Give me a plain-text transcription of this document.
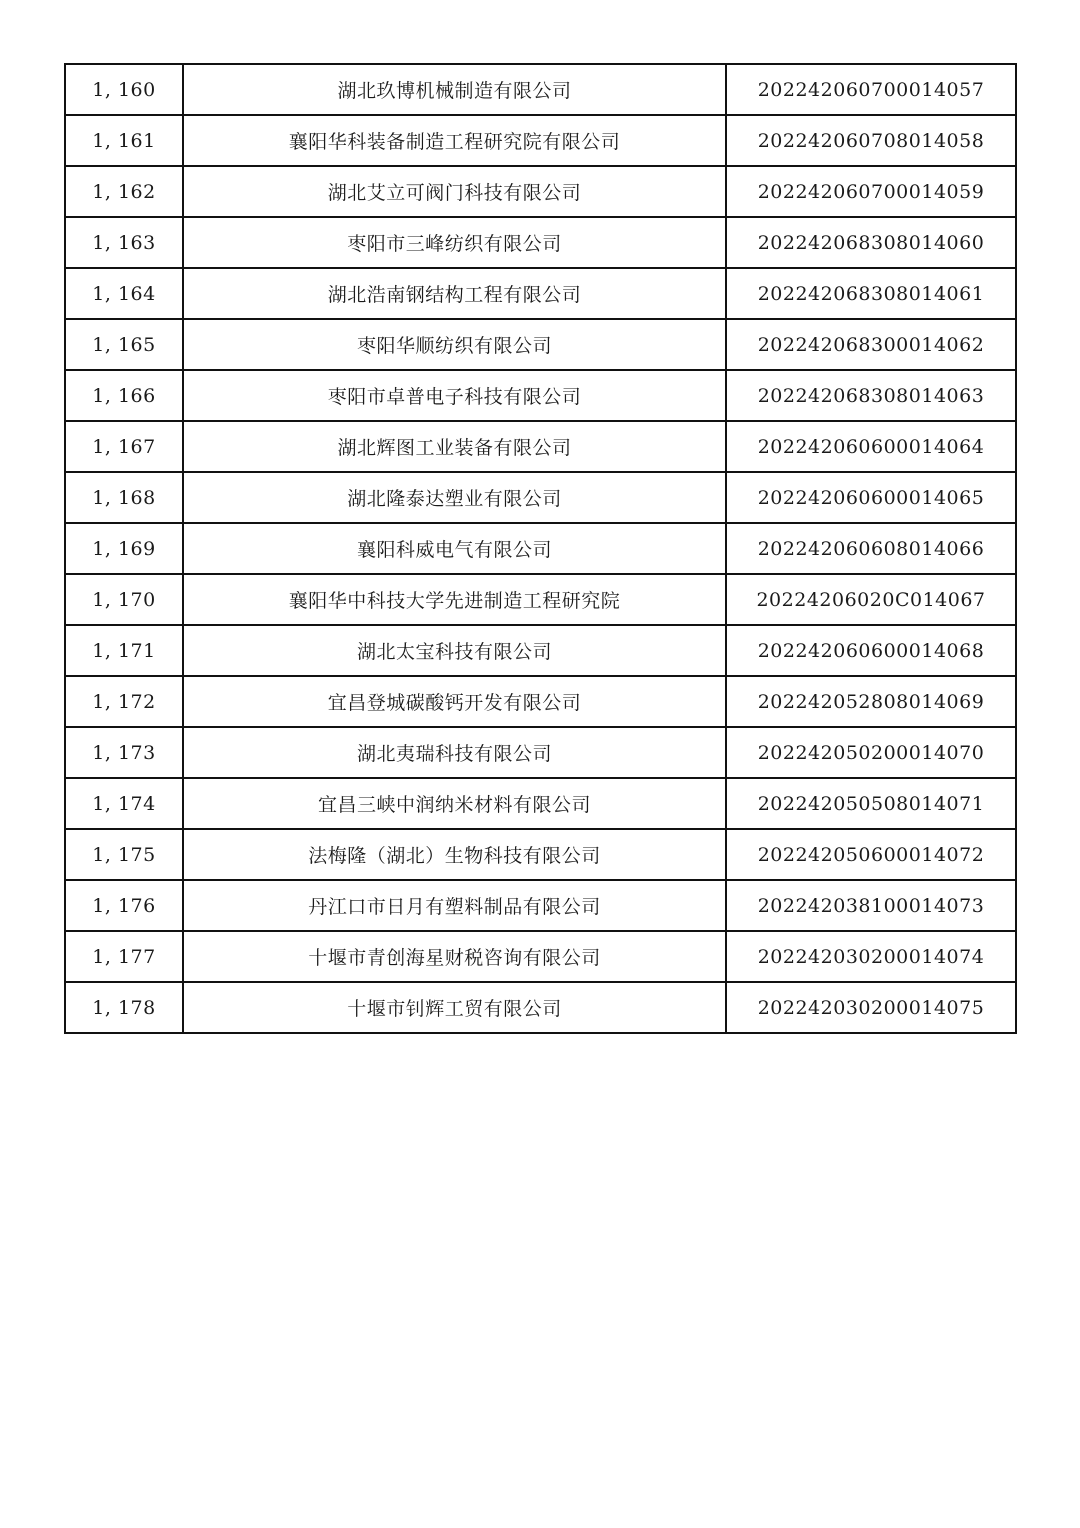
1, 160	湖北玖博机械制造有限公司	202242060700014057
1, 161	襄阳华科装备制造工程研究院有限公司	202242060708014058
1, 162	湖北艾立可阀门科技有限公司	202242060700014059
1, 163	枣阳市三峰纺织有限公司	202242068308014060
1, 164	湖北浩南钢结构工程有限公司	202242068308014061
1, 165	枣阳华顺纺织有限公司	202242068300014062
1, 166	枣阳市卓普电子科技有限公司	202242068308014063
1, 167	湖北辉图工业装备有限公司	202242060600014064
1, 168	湖北隆泰达塑业有限公司	202242060600014065
1, 169	襄阳科威电气有限公司	202242060608014066
1, 170	襄阳华中科技大学先进制造工程研究院	20224206020C014067
1, 171	湖北太宝科技有限公司	202242060600014068
1, 172	宜昌登城碳酸钙开发有限公司	202242052808014069
1, 173	湖北夷瑞科技有限公司	202242050200014070
1, 174	宜昌三峡中润纳米材料有限公司	202242050508014071
1, 175	法梅隆（湖北）生物科技有限公司	202242050600014072
1, 176	丹江口市日月有塑料制品有限公司	202242038100014073
1, 177	十堰市青创海星财税咨询有限公司	202242030200014074
1, 178	十堰市钊辉工贸有限公司	202242030200014075
